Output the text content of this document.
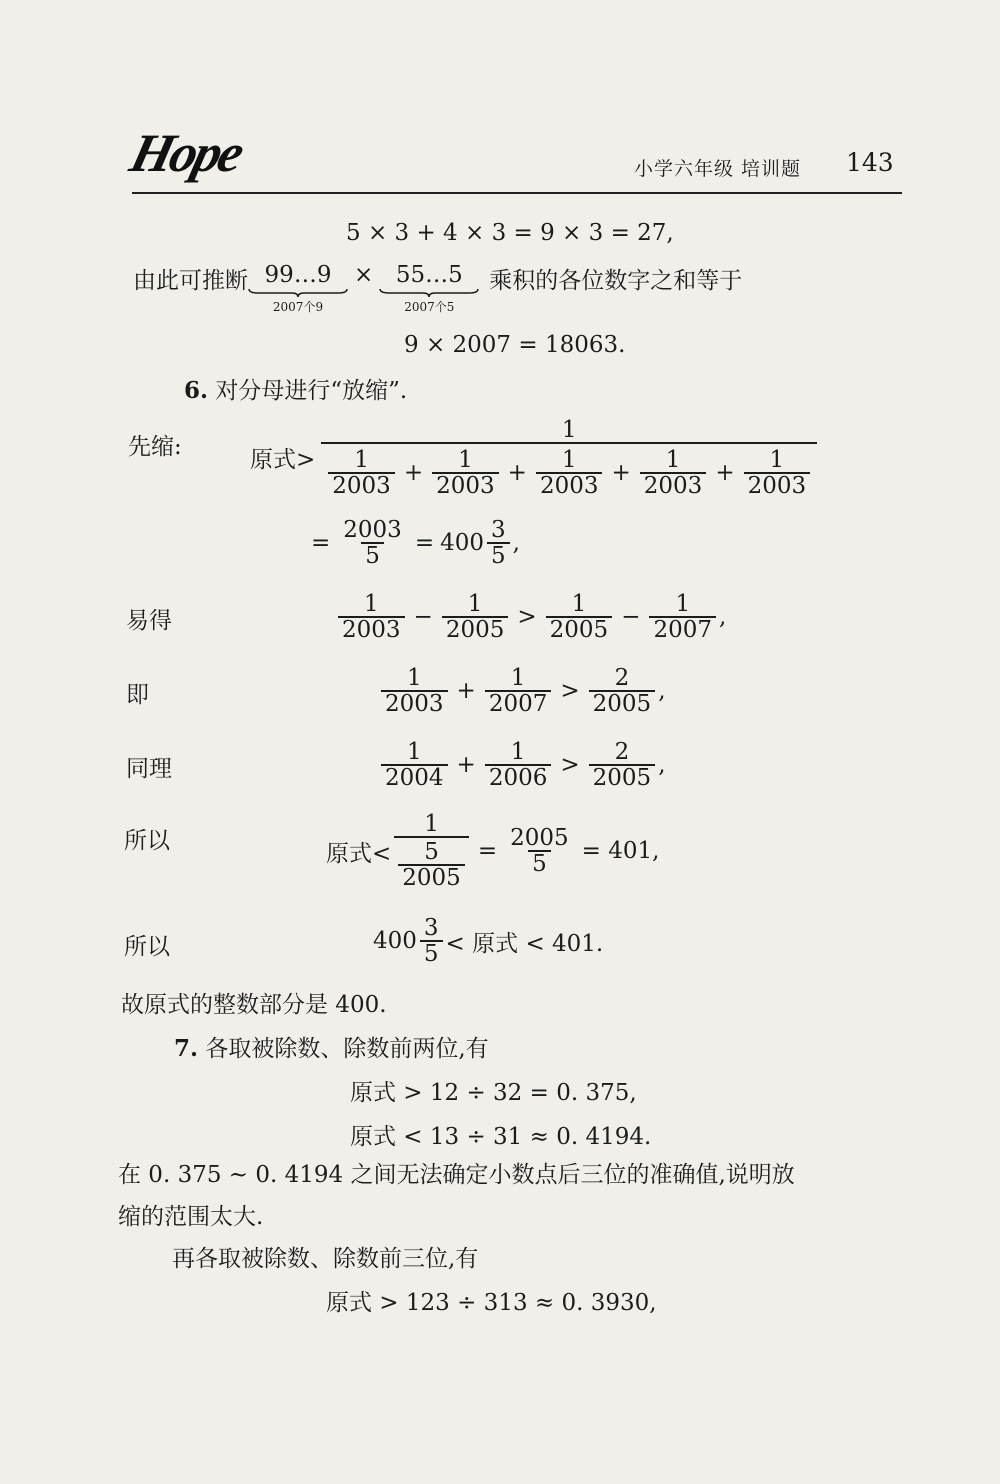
Hope	小学六年级 培训题 143
5 × 3 + 4 × 3 = 9 × 3 = 27,
由此可推断 99…9
2007个9
× 55…5
2007个5
乘积的各位数字之和等于
9 × 2007 = 18063.
6. 对分母进行“放缩”.
先缩:	原式>
1
$\frac{1}{2003} + \frac{1}{2003} + \frac{1}{2003} + \frac{1}{2003} + \frac{1}{2003}$
= $\frac{2003}{5} = 400 \frac{3}{5}$ ,
易得	$\frac{1}{2003} - \frac{1}{2005} > \frac{1}{2005} - \frac{1}{2007}$ ,
即	$\frac{1}{2003} + \frac{1}{2007} > \frac{2}{2005}$ ,
同理	$\frac{1}{2004} + \frac{1}{2006} > \frac{2}{2005}$ ,
所以	原式< $\frac{1}{\frac{5}{2005}} = \frac{2005}{5} = 401$,
所以	$400 \frac{3}{5}$ < 原式 < 401.
故原式的整数部分是 400.
7. 各取被除数、除数前两位,有
原式 > 12 ÷ 32 = 0. 375,
原式 < 13 ÷ 31 ≈ 0. 4194.
在 0. 375 ~ 0. 4194 之间无法确定小数点后三位的准确值,说明放
缩的范围太大.
再各取被除数、除数前三位,有
原式 > 123 ÷ 313 ≈ 0. 3930,
